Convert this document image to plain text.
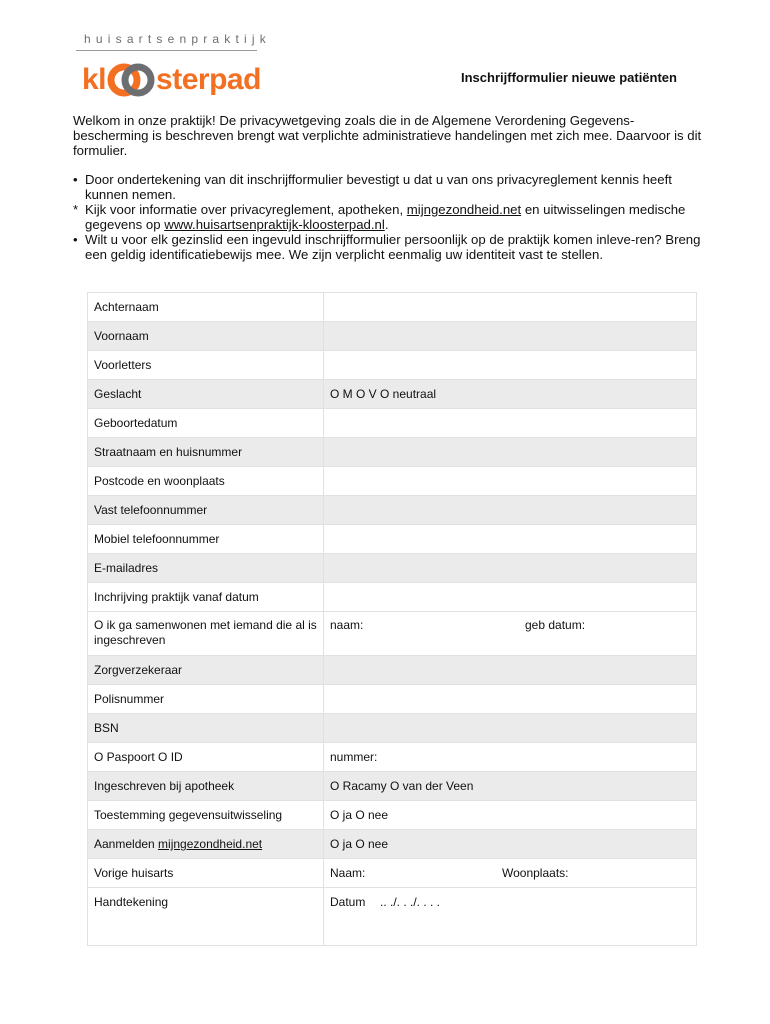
huisartsenpraktijk
kl sterpad	Inschrijfformulier nieuwe patiënten

Welkom in onze praktijk! De privacywetgeving zoals die in de Algemene Verordening Gegevens-bescherming is beschreven brengt wat verplichte administratieve handelingen met zich mee. Daarvoor is dit formulier.

• Door ondertekening van dit inschrijfformulier bevestigt u dat u van ons privacyreglement kennis heeft kunnen nemen.
* Kijk voor informatie over privacyreglement, apotheken, mijngezondheid.net en uitwisselingen medische gegevens op www.huisartsenpraktijk-kloosterpad.nl.
• Wilt u voor elk gezinslid een ingevuld inschrijfformulier persoonlijk op de praktijk komen inleve-ren? Breng een geldig identificatiebewijs mee. We zijn verplicht eenmalig uw identiteit vast te stellen.
Achternaam	
Voornaam	
Voorletters	
Geslacht	O M O V O neutraal
Geboortedatum	
Straatnaam en huisnummer	
Postcode en woonplaats	
Vast telefoonnummer	
Mobiel telefoonnummer	
E-mailadres	
Inchrijving praktijk vanaf datum	
O ik ga samenwonen met iemand die al is ingeschreven	naam: geb datum:

Zorgverzekeraar	
Polisnummer	
BSN	
O Paspoort O ID	nummer:
Ingeschreven bij apotheek	O Racamy O van der Veen
Toestemming gegevensuitwisseling	O ja O nee
Aanmelden mijngezondheid.net	O ja O nee
Vorige huisarts	Naam: Woonplaats:

Handtekening	Datum .. ./. . ./. . . .
